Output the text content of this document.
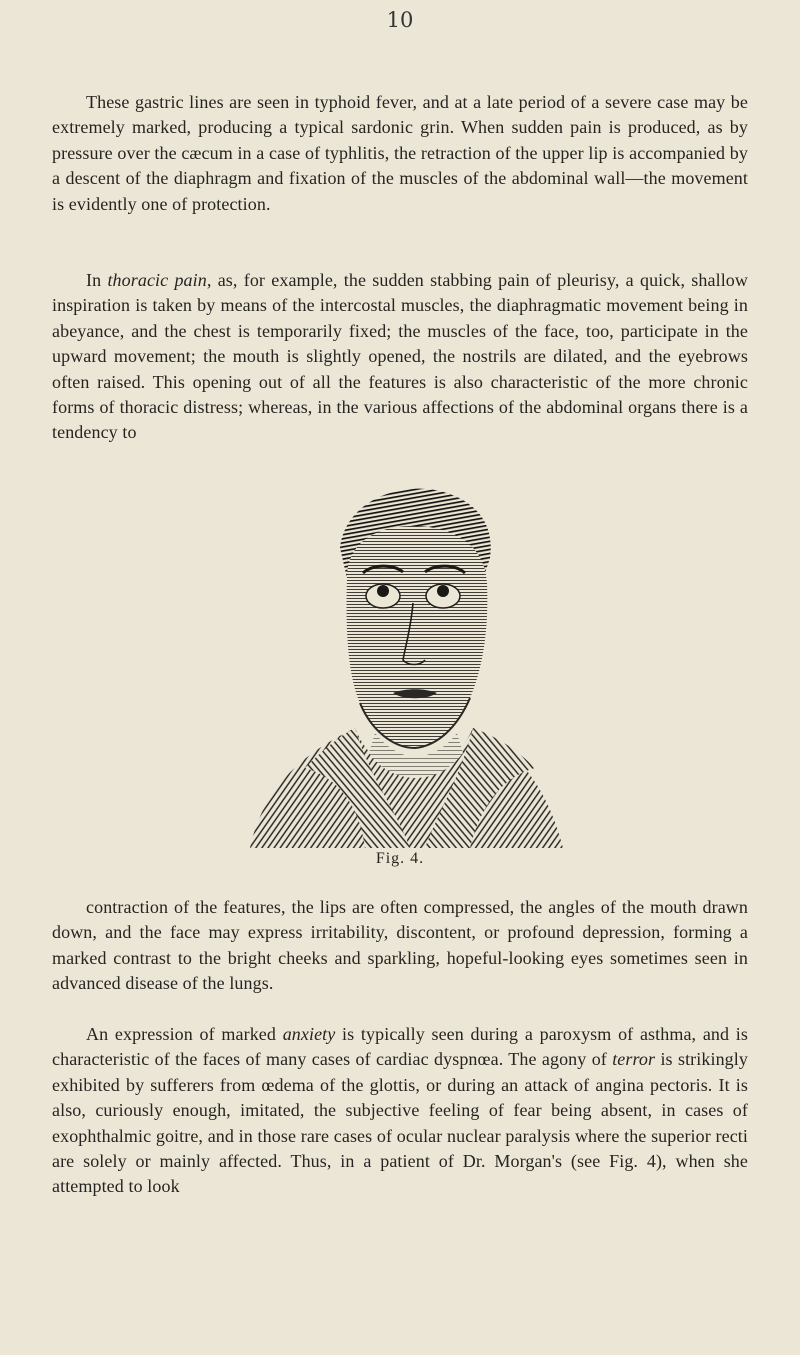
10

These gastric lines are seen in typhoid fever, and at a late period of a severe case may be extremely marked, producing a typical sardonic grin. When sudden pain is produced, as by pressure over the cæcum in a case of typhlitis, the retraction of the upper lip is accompanied by a descent of the diaphragm and fixation of the muscles of the abdominal wall—the movement is evidently one of protection.

In thoracic pain, as, for example, the sudden stabbing pain of pleurisy, a quick, shallow inspiration is taken by means of the intercostal muscles, the diaphragmatic movement being in abeyance, and the chest is temporarily fixed; the muscles of the face, too, participate in the upward movement; the mouth is slightly opened, the nostrils are dilated, and the eyebrows often raised. This opening out of all the features is also characteristic of the more chronic forms of thoracic distress; whereas, in the various affections of the abdominal organs there is a tendency to

Fig. 4.

contraction of the features, the lips are often compressed, the angles of the mouth drawn down, and the face may express irritability, discontent, or profound depression, forming a marked contrast to the bright cheeks and sparkling, hopeful-looking eyes sometimes seen in advanced disease of the lungs.

An expression of marked anxiety is typically seen during a paroxysm of asthma, and is characteristic of the faces of many cases of cardiac dyspnœa. The agony of terror is strikingly exhibited by sufferers from œdema of the glottis, or during an attack of angina pectoris. It is also, curiously enough, imitated, the subjective feeling of fear being absent, in cases of exophthalmic goitre, and in those rare cases of ocular nuclear paralysis where the superior recti are solely or mainly affected. Thus, in a patient of Dr. Morgan's (see Fig. 4), when she attempted to look
